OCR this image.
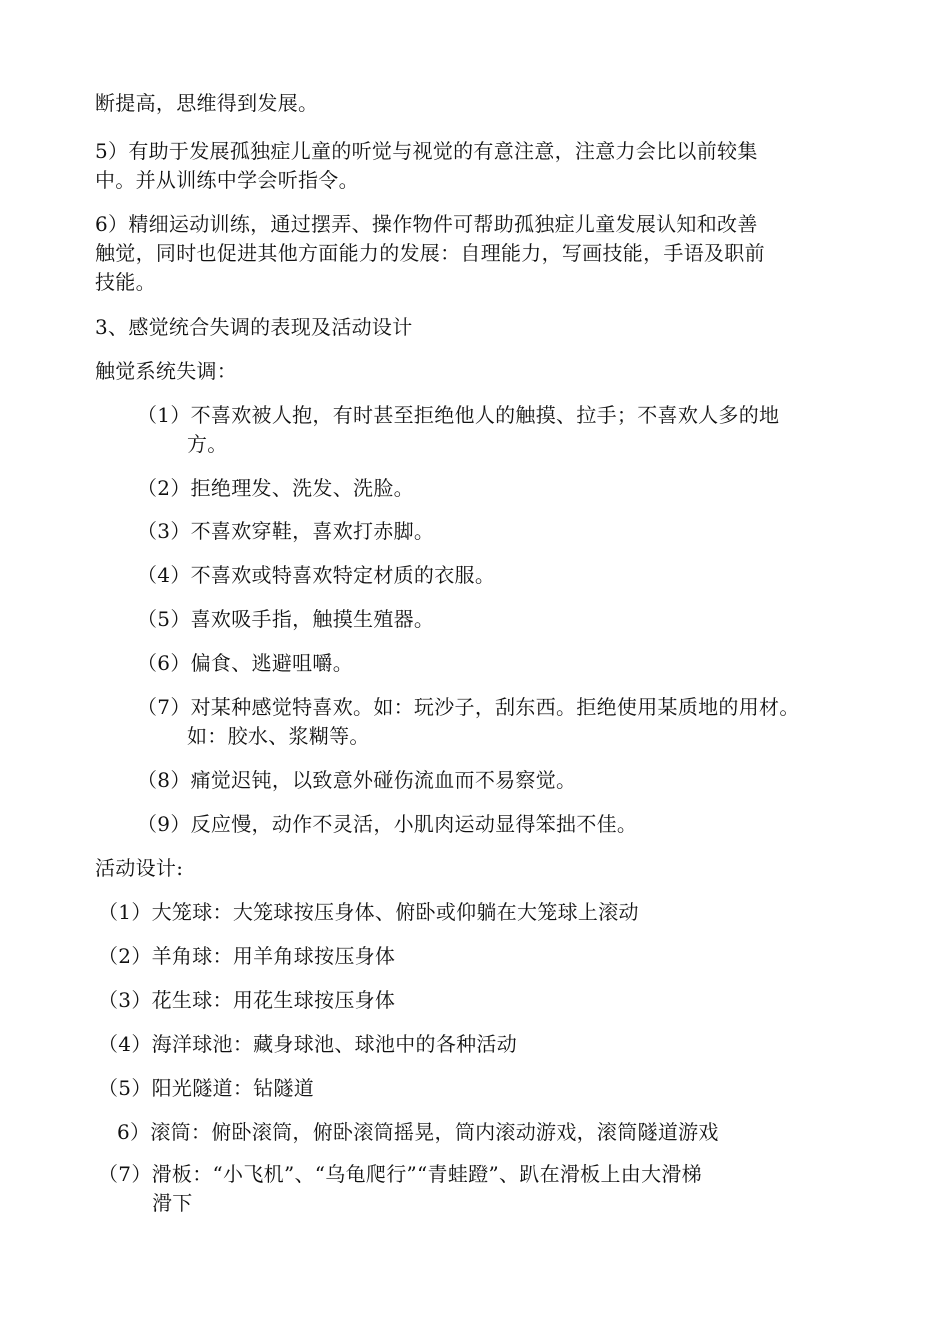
断提高，思维得到发展。
5）有助于发展孤独症儿童的听觉与视觉的有意注意，注意力会比以前较集
中。并从训练中学会听指令。
6）精细运动训练，通过摆弄、操作物件可帮助孤独症儿童发展认知和改善
触觉，同时也促进其他方面能力的发展：自理能力，写画技能，手语及职前
技能。
3、感觉统合失调的表现及活动设计
触觉系统失调：
（1）不喜欢被人抱，有时甚至拒绝他人的触摸、拉手；不喜欢人多的地
方。
（2）拒绝理发、洗发、洗脸。
（3）不喜欢穿鞋，喜欢打赤脚。
（4）不喜欢或特喜欢特定材质的衣服。
（5）喜欢吸手指，触摸生殖器。
（6）偏食、逃避咀嚼。
（7）对某种感觉特喜欢。如：玩沙子，刮东西。拒绝使用某质地的用材。
如：胶水、浆糊等。
（8）痛觉迟钝，以致意外碰伤流血而不易察觉。
（9）反应慢，动作不灵活，小肌肉运动显得笨拙不佳。
活动设计:
（1）大笼球：大笼球按压身体、俯卧或仰躺在大笼球上滚动
（2）羊角球：用羊角球按压身体
（3）花生球：用花生球按压身体
（4）海洋球池：藏身球池、球池中的各种活动
（5）阳光隧道：钻隧道
6）滚筒：俯卧滚筒，俯卧滚筒摇晃，筒内滚动游戏，滚筒隧道游戏
（7）滑板：“小飞机”、“乌龟爬行”“青蛙蹬”、趴在滑板上由大滑梯
滑下
